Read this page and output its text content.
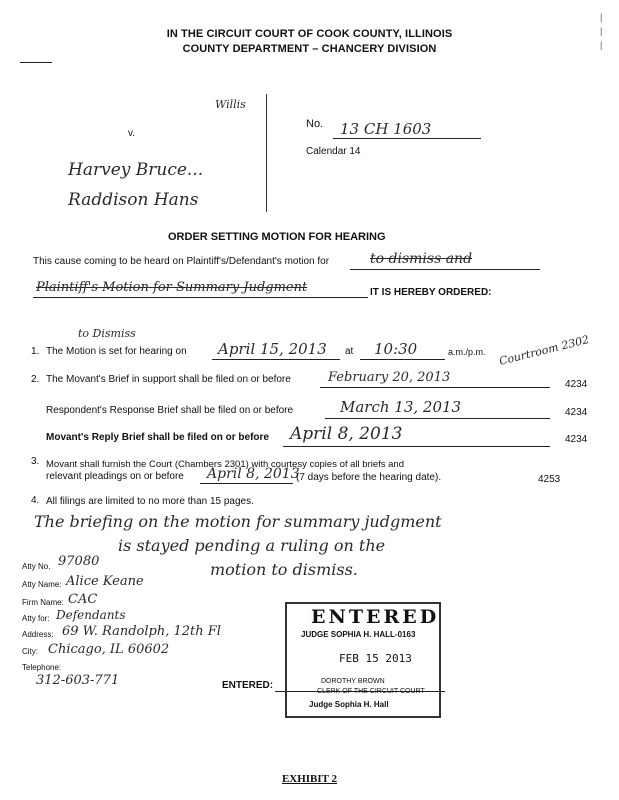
IN THE CIRCUIT COURT OF COOK COUNTY, ILLINOIS
COUNTY DEPARTMENT – CHANCERY DIVISION
|
|
|
Willis
v.
Harvey Bruce...
Raddison Hans
No. 13 CH 1603
Calendar 14
ORDER SETTING MOTION FOR HEARING
This cause coming to be heard on Plaintiff's/Defendant's motion for	to dismiss and
Plaintiff's Motion for Summary Judgment	IT IS HEREBY ORDERED:
to Dismiss
1. The Motion is set for hearing on April 15, 2013 at 10:30	a.m./p.m. Courtroom 2302
2. The Movant's Brief in support shall be filed on or before	February 20, 2013	4234
Respondent's Response Brief shall be filed on or before	March 13, 2013	4234
Movant's Reply Brief shall be filed on or before April 8, 2013	4234
3. Movant shall furnish the Court (Chambers 2301) with courtesy copies of all briefs and
relevant pleadings on or before April 8, 2013
(7 days before the hearing date).	4253
4. All filings are limited to no more than 15 pages.
The briefing on the motion for summary judgment
is stayed pending a ruling on the
motion to dismiss.
Atty No. 97080
Atty Name: Alice Keane
Firm Name: CAC
Atty for: Defendants
Address: 69 W. Randolph, 12th Fl
City: Chicago, IL 60602
Telephone:
312-603-771	ENTERED:
ENTERED
JUDGE SOPHIA H. HALL-0163
FEB 15 2013
DOROTHY BROWN
CLERK OF THE CIRCUIT COURT
Judge Sophia H. Hall
EXHIBIT 2
